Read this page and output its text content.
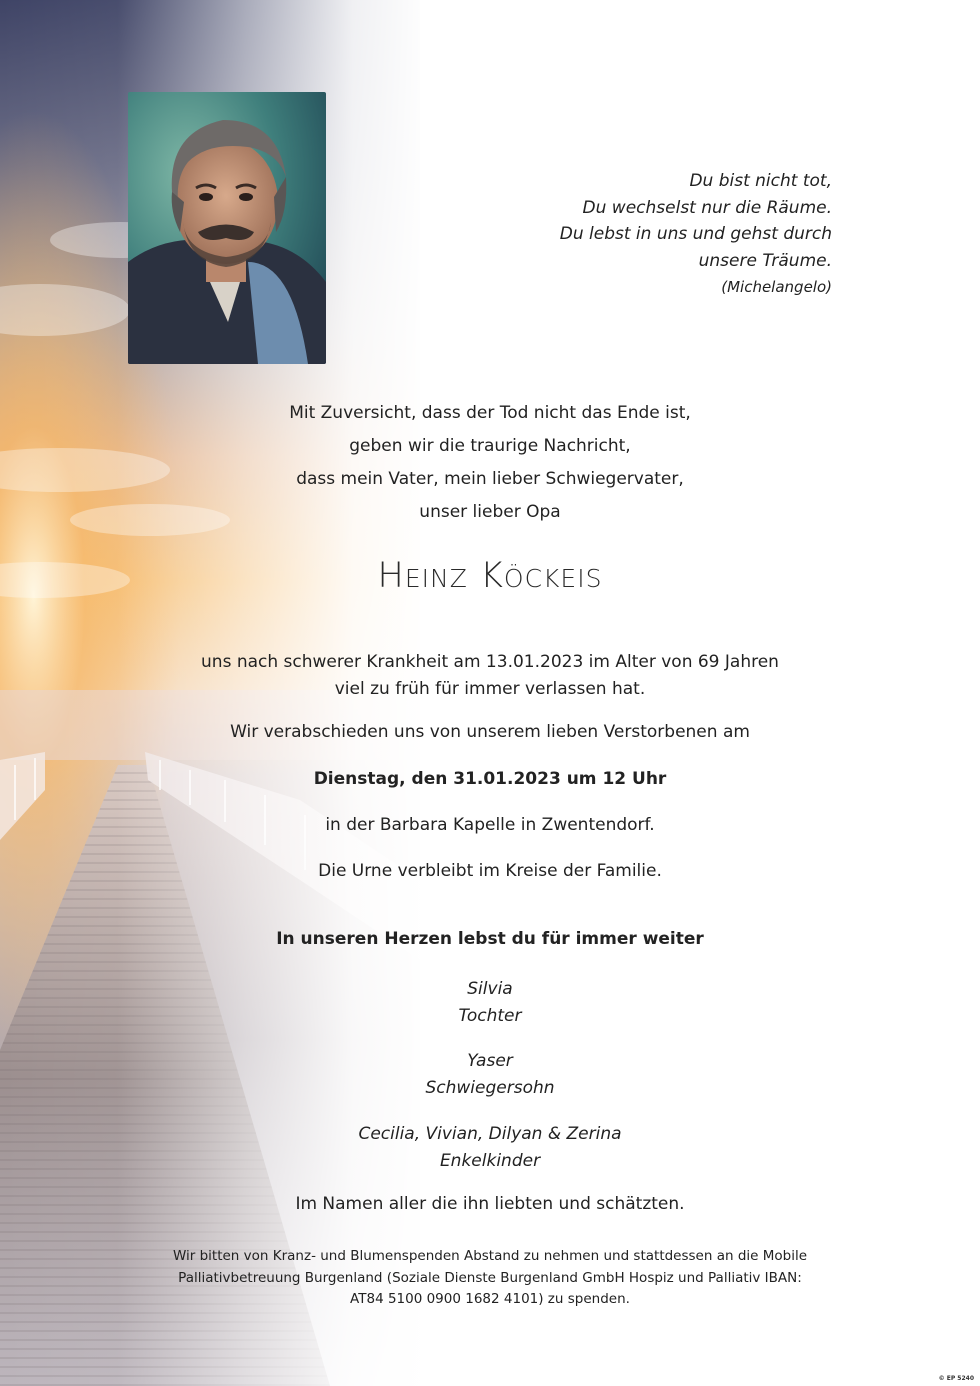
Du bist nicht tot,
Du wechselst nur die Räume.
Du lebst in uns und gehst durch
unsere Träume.
(Michelangelo)
Mit Zuversicht, dass der Tod nicht das Ende ist,
geben wir die traurige Nachricht,
dass mein Vater, mein lieber Schwiegervater,
unser lieber Opa
Heinz Köckeis
uns nach schwerer Krankheit am 13.01.2023 im Alter von 69 Jahren
viel zu früh für immer verlassen hat.
Wir verabschieden uns von unserem lieben Verstorbenen am
Dienstag, den 31.01.2023 um 12 Uhr
in der Barbara Kapelle in Zwentendorf.
Die Urne verbleibt im Kreise der Familie.
In unseren Herzen lebst du für immer weiter
Silvia
Tochter
Yaser
Schwiegersohn
Cecilia, Vivian, Dilyan & Zerina
Enkelkinder
Im Namen aller die ihn liebten und schätzten.
Wir bitten von Kranz- und Blumenspenden Abstand zu nehmen und stattdessen an die Mobile
Palliativbetreuung Burgenland (Soziale Dienste Burgenland GmbH Hospiz und Palliativ IBAN:
AT84 5100 0900 1682 4101) zu spenden.
© EP 5240
